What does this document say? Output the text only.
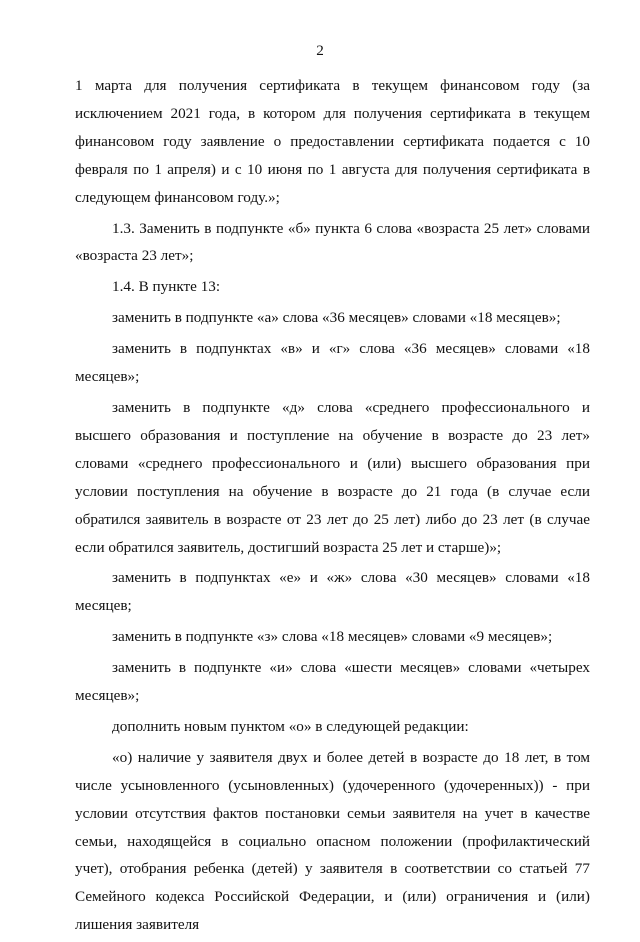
2

1 марта для получения сертификата в текущем финансовом году (за исключением 2021 года, в котором для получения сертификата в текущем финансовом году заявление о предоставлении сертификата подается с 10 февраля по 1 апреля) и с 10 июня по 1 августа для получения сертификата в следующем финансовом году.»;

1.3. Заменить в подпункте «б» пункта 6 слова «возраста 25 лет» словами «возраста 23 лет»;

1.4. В пункте 13:

заменить в подпункте «а» слова «36 месяцев» словами «18 месяцев»;

заменить в подпунктах «в» и «г» слова «36 месяцев» словами «18 месяцев»;

заменить в подпункте «д» слова «среднего профессионального и высшего образования и поступление на обучение в возрасте до 23 лет» словами «среднего профессионального и (или) высшего образования при условии поступления на обучение в возрасте до 21 года (в случае если обратился заявитель в возрасте от 23 лет до 25 лет) либо до 23 лет (в случае если обратился заявитель, достигший возраста 25 лет и старше)»;

заменить в подпунктах «е» и «ж» слова «30 месяцев» словами «18 месяцев;

заменить в подпункте «з» слова «18 месяцев» словами «9 месяцев»;

заменить в подпункте «и» слова «шести месяцев» словами «четырех месяцев»;

дополнить новым пунктом «о» в следующей редакции:

«о) наличие у заявителя двух и более детей в возрасте до 18 лет, в том числе усыновленного (усыновленных) (удочеренного (удочеренных)) - при условии отсутствия фактов постановки семьи заявителя на учет в качестве семьи, находящейся в социально опасном положении (профилактический учет), отобрания ребенка (детей) у заявителя в соответствии со статьей 77 Семейного кодекса Российской Федерации, и (или) ограничения и (или) лишения заявителя
